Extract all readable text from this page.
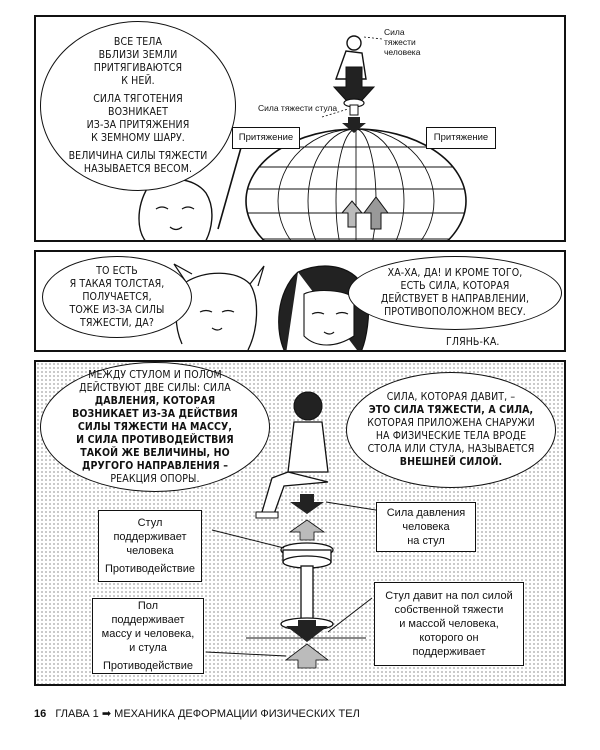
ВСЕ ТЕЛА
ВБЛИЗИ ЗЕМЛИ
ПРИТЯГИВАЮТСЯ
К НЕЙ.

СИЛА ТЯГОТЕНИЯ
ВОЗНИКАЕТ
ИЗ-ЗА ПРИТЯЖЕНИЯ
К ЗЕМНОМУ ШАРУ.

ВЕЛИЧИНА СИЛЫ ТЯЖЕСТИ
НАЗЫВАЕТСЯ ВЕСОМ.
Притяжение	Притяжение
Сила тяжести стула
Сила
тяжести
человека
ТО ЕСТЬ
Я ТАКАЯ ТОЛСТАЯ,
ПОЛУЧАЕТСЯ,
ТОЖЕ ИЗ-ЗА СИЛЫ
ТЯЖЕСТИ, ДА?
ХА-ХА, ДА! И КРОМЕ ТОГО,
ЕСТЬ СИЛА, КОТОРАЯ
ДЕЙСТВУЕТ В НАПРАВЛЕНИИ,
ПРОТИВОПОЛОЖНОМ ВЕСУ.
ГЛЯНЬ-КА.
МЕЖДУ СТУЛОМ И ПОЛОМ
ДЕЙСТВУЮТ ДВЕ СИЛЫ: СИЛА
ДАВЛЕНИЯ, КОТОРАЯ
ВОЗНИКАЕТ ИЗ-ЗА ДЕЙСТВИЯ
СИЛЫ ТЯЖЕСТИ НА МАССУ,
И СИЛА ПРОТИВОДЕЙСТВИЯ
ТАКОЙ ЖЕ ВЕЛИЧИНЫ, НО
ДРУГОГО НАПРАВЛЕНИЯ –
РЕАКЦИЯ ОПОРЫ.
СИЛА, КОТОРАЯ ДАВИТ, –
ЭТО СИЛА ТЯЖЕСТИ, А СИЛА,
КОТОРАЯ ПРИЛОЖЕНА СНАРУЖИ
НА ФИЗИЧЕСКИЕ ТЕЛА ВРОДЕ
СТОЛА ИЛИ СТУЛА, НАЗЫВАЕТСЯ
ВНЕШНЕЙ СИЛОЙ.
Стул
поддерживает
человека
Противодействие
Сила давления
человека
на стул
Пол
поддерживает
массу и человека,
и стула
Противодействие
Стул давит на пол силой
собственной тяжести
и массой человека,
которого он
поддерживает
16 ГЛАВА 1 ➡ МЕХАНИКА ДЕФОРМАЦИИ ФИЗИЧЕСКИХ ТЕЛ
